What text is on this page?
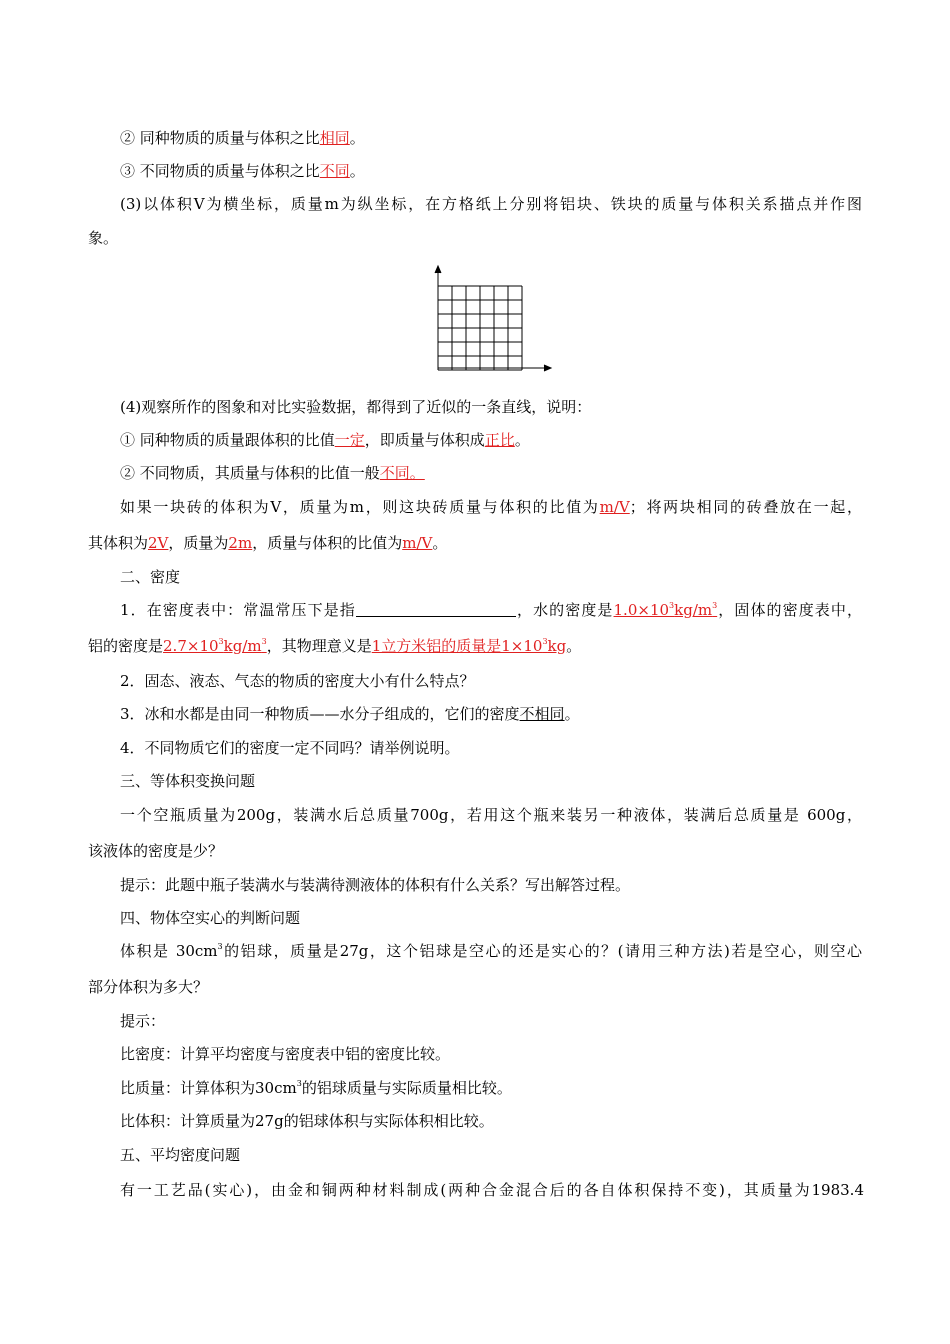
② 同种物质的质量与体积之比相同。
③ 不同物质的质量与体积之比不同。
(3)以体积V为横坐标，质量m为纵坐标，在方格纸上分别将铝块、铁块的质量与体积关系描点并作图
象。
(4)观察所作的图象和对比实验数据，都得到了近似的一条直线，说明：
① 同种物质的质量跟体积的比值一定，即质量与体积成正比。
② 不同物质，其质量与体积的比值一般不同。
如果一块砖的体积为V，质量为m，则这块砖质量与体积的比值为m/V；将两块相同的砖叠放在一起，
其体积为2V，质量为2m，质量与体积的比值为m/V。
二、密度
1．在密度表中：常温常压下是指	，水的密度是$1.0\times 10^3kg/m^3$，固体的密度表中，
铝的密度是$2.7\times 10^3kg/m^3$，其物理意义是1立方米铝的质量是$1\times 10^3kg$。
2．固态、液态、气态的物质的密度大小有什么特点？
3．冰和水都是由同一种物质——水分子组成的，它们的密度不相同。
4．不同物质它们的密度一定不同吗？请举例说明。
三、等体积变换问题
一个空瓶质量为200g，装满水后总质量700g，若用这个瓶来装另一种液体，装满后总质量是 600g，
该液体的密度是少？
提示：此题中瓶子装满水与装满待测液体的体积有什么关系？写出解答过程。
四、物体空实心的判断问题
体积是 $30cm^3$的铝球，质量是27g，这个铝球是空心的还是实心的？(请用三种方法)若是空心，则空心
部分体积为多大？
提示：
比密度：计算平均密度与密度表中铝的密度比较。
比质量：计算体积为$30cm^3$的铝球质量与实际质量相比较。
比体积：计算质量为27g的铝球体积与实际体积相比较。
五、平均密度问题
有一工艺品(实心)，由金和铜两种材料制成(两种合金混合后的各自体积保持不变)，其质量为1983.4
